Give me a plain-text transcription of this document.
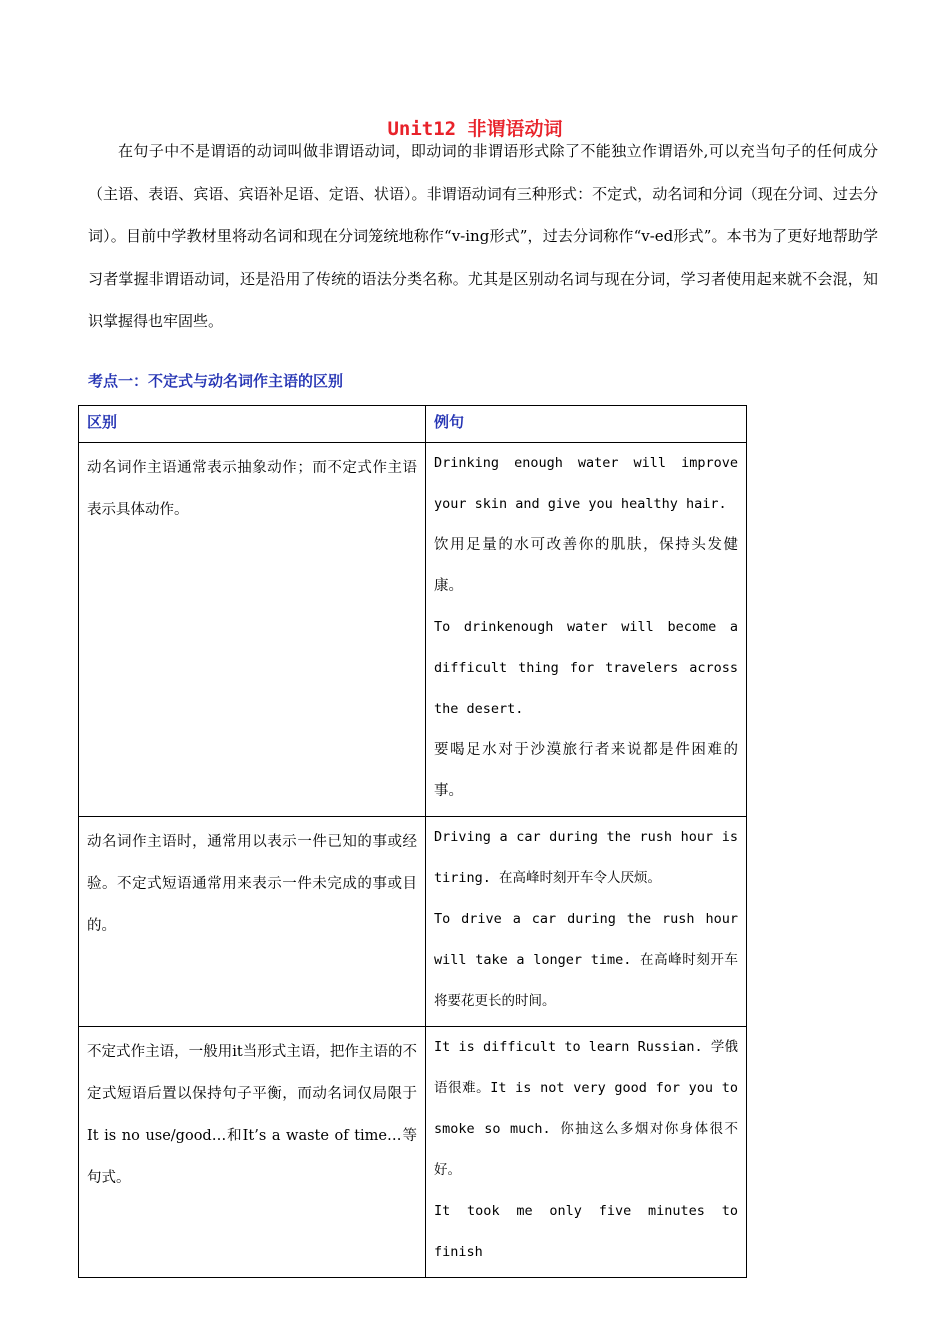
Unit12 非谓语动词

在句子中不是谓语的动词叫做非谓语动词，即动词的非谓语形式除了不能独立作谓语外,可以充当句子的任何成分（主语、表语、宾语、宾语补足语、定语、状语）。非谓语动词有三种形式：不定式，动名词和分词（现在分词、过去分词）。目前中学教材里将动名词和现在分词笼统地称作“v-ing形式”，过去分词称作“v-ed形式”。本书为了更好地帮助学习者掌握非谓语动词，还是沿用了传统的语法分类名称。尤其是区别动名词与现在分词，学习者使用起来就不会混，知识掌握得也牢固些。

考点一：不定式与动名词作主语的区别
区别	例句

动名词作主语通常表示抽象动作；而不定式作主语表示具体动作。	Drinking enough water will improve your skin and give you healthy hair.

饮用足量的水可改善你的肌肤，保持头发健康。

To drinkenough water will become a difficult thing for travelers across the desert.

要喝足水对于沙漠旅行者来说都是件困难的事。

动名词作主语时，通常用以表示一件已知的事或经验。不定式短语通常用来表示一件未完成的事或目的。	Driving a car during the rush hour is tiring. 在高峰时刻开车令人厌烦。

To drive a car during the rush hour will take a longer time. 在高峰时刻开车将要花更长的时间。

不定式作主语，一般用it当形式主语，把作主语的不定式短语后置以保持句子平衡，而动名词仅局限于It is no use/good…和It’s a waste of time…等句式。	It is difficult to learn Russian. 学俄语很难。It is not very good for you to smoke so much. 你抽这么多烟对你身体很不好。

It took me only five minutes to finish
